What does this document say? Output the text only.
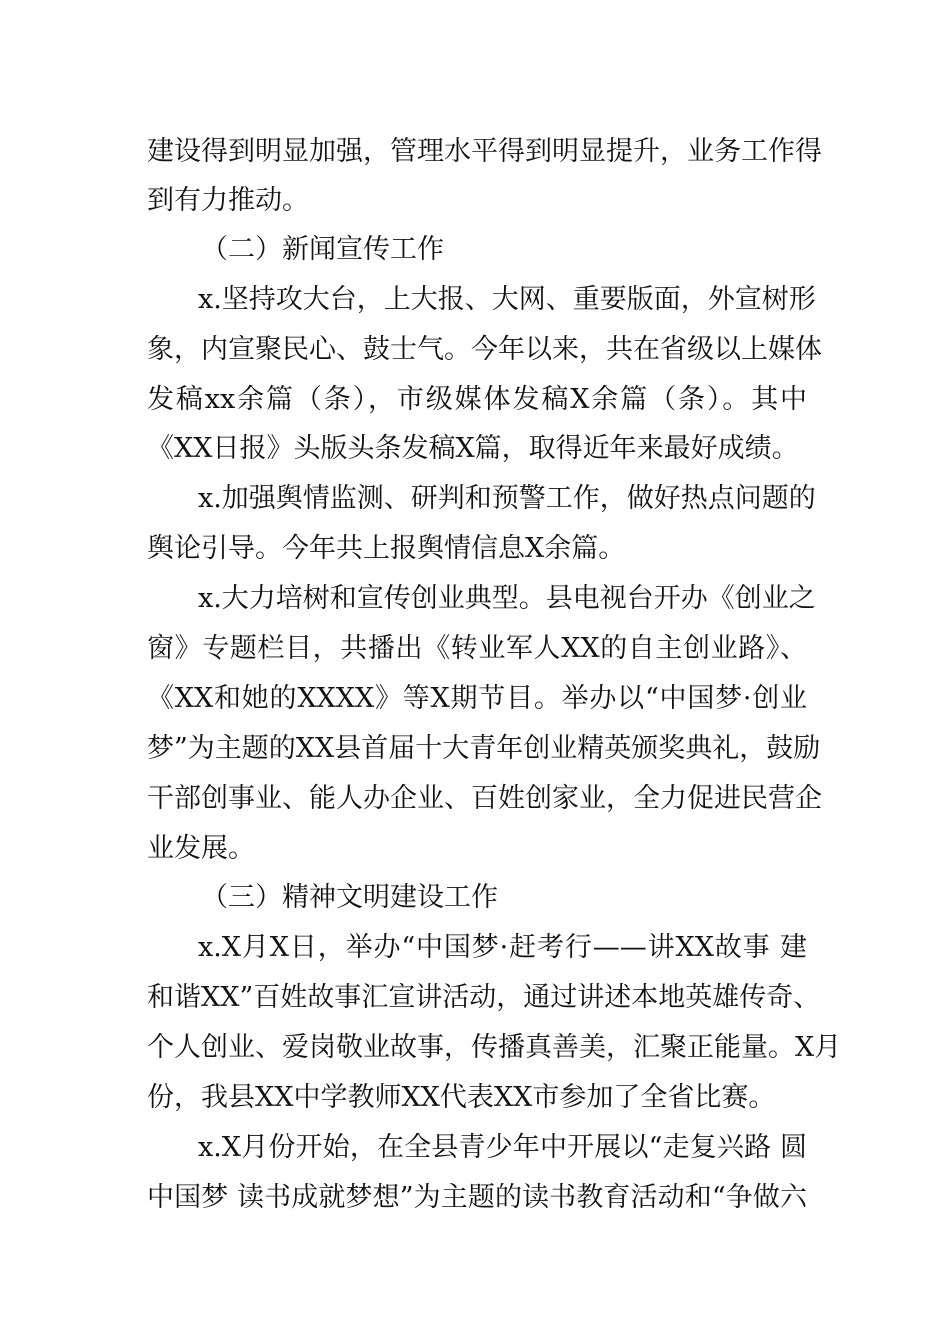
建设得到明显加强，管理水平得到明显提升，业务工作得
到有力推动。
（二）新闻宣传工作
x.坚持攻大台，上大报、大网、重要版面，外宣树形
象，内宣聚民心、鼓士气。今年以来，共在省级以上媒体
发稿xx余篇（条），市级媒体发稿X余篇（条）。其中
《XX日报》头版头条发稿X篇，取得近年来最好成绩。
x.加强舆情监测、研判和预警工作，做好热点问题的
舆论引导。今年共上报舆情信息X余篇。
x.大力培树和宣传创业典型。县电视台开办《创业之
窗》专题栏目，共播出《转业军人XX的自主创业路》、
《XX和她的XXXX》等X期节目。举办以“中国梦·创业
梦”为主题的XX县首届十大青年创业精英颁奖典礼，鼓励
干部创事业、能人办企业、百姓创家业，全力促进民营企
业发展。
（三）精神文明建设工作
x.X月X日，举办“中国梦·赶考行——讲XX故事 建
和谐XX”百姓故事汇宣讲活动，通过讲述本地英雄传奇、
个人创业、爱岗敬业故事，传播真善美，汇聚正能量。X月
份，我县XX中学教师XX代表XX市参加了全省比赛。
x.X月份开始，在全县青少年中开展以“走复兴路 圆
中国梦 读书成就梦想”为主题的读书教育活动和“争做六
